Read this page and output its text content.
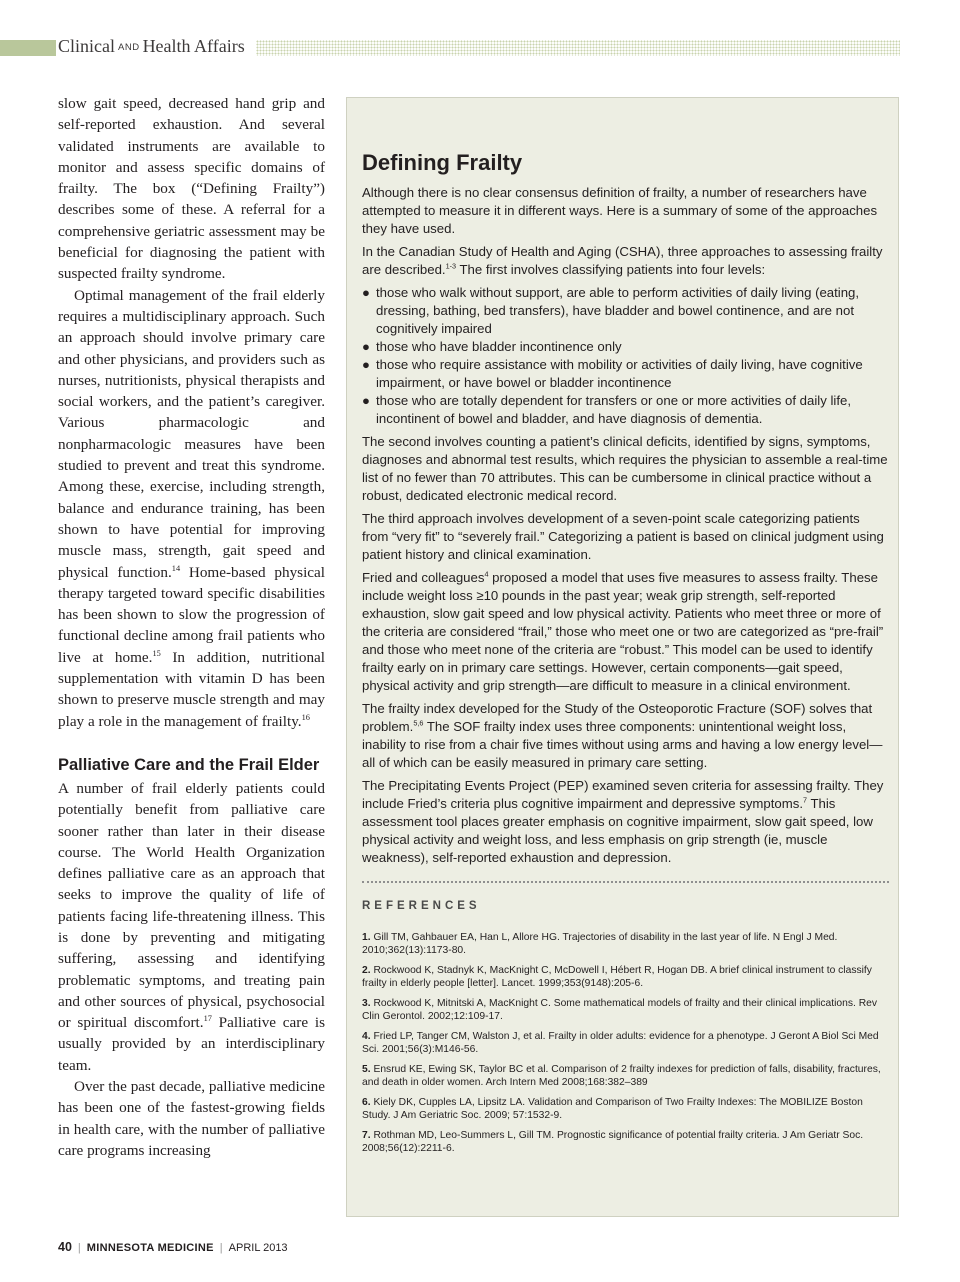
Clinical AND Health Affairs

slow gait speed, decreased hand grip and self-reported exhaustion. And several validated instruments are available to monitor and assess specific domains of frailty. The box (“Defining Frailty”) describes some of these. A referral for a comprehensive geriatric assessment may be beneficial for diagnosing the patient with suspected frailty syndrome.

Optimal management of the frail elderly requires a multidisciplinary approach. Such an approach should involve primary care and other physicians, and providers such as nurses, nutritionists, physical therapists and social workers, and the patient’s caregiver. Various pharmacologic and nonpharmacologic measures have been studied to prevent and treat this syndrome. Among these, exercise, including strength, balance and endurance training, has been shown to have potential for improving muscle mass, strength, gait speed and physical function.$^{14}$ Home-based physical therapy targeted toward specific disabilities has been shown to slow the progression of functional decline among frail patients who live at home.$^{15}$ In addition, nutritional supplementation with vitamin D has been shown to preserve muscle strength and may play a role in the management of frailty.$^{16}$

Palliative Care and the Frail Elder

A number of frail elderly patients could potentially benefit from palliative care sooner rather than later in their disease course. The World Health Organization defines palliative care as an approach that seeks to improve the quality of life of patients facing life-threatening illness. This is done by preventing and mitigating suffering, assessing and identifying problematic symptoms, and treating pain and other sources of physical, psychosocial or spiritual discomfort.$^{17}$ Palliative care is usually provided by an interdisciplinary team.

Over the past decade, palliative medicine has been one of the fastest-growing fields in health care, with the number of palliative care programs increasing

Defining Frailty

Although there is no clear consensus definition of frailty, a number of researchers have attempted to measure it in different ways. Here is a summary of some of the approaches they have used.

In the Canadian Study of Health and Aging (CSHA), three approaches to assessing frailty are described.$^{1-3}$ The first involves classifying patients into four levels:

● those who walk without support, are able to perform activities of daily living (eating, dressing, bathing, bed transfers), have bladder and bowel continence, and are not cognitively impaired
● those who have bladder incontinence only
● those who require assistance with mobility or activities of daily living, have cognitive impairment, or have bowel or bladder incontinence
● those who are totally dependent for transfers or one or more activities of daily life, incontinent of bowel and bladder, and have diagnosis of dementia.

The second involves counting a patient’s clinical deficits, identified by signs, symptoms, diagnoses and abnormal test results, which requires the physician to assemble a real-time list of no fewer than 70 attributes. This can be cumbersome in clinical practice without a robust, dedicated electronic medical record.

The third approach involves development of a seven-point scale categorizing patients from “very fit” to “severely frail.” Categorizing a patient is based on clinical judgment using patient history and clinical examination.

Fried and colleagues$^4$ proposed a model that uses five measures to assess frailty. These include weight loss ≥10 pounds in the past year; weak grip strength, self-reported exhaustion, slow gait speed and low physical activity. Patients who meet three or more of the criteria are considered “frail,” those who meet one or two are categorized as “pre-frail” and those who meet none of the criteria are “robust.” This model can be used to identify frailty early on in primary care settings. However, certain components—gait speed, physical activity and grip strength—are difficult to measure in a clinical environment.

The frailty index developed for the Study of the Osteoporotic Fracture (SOF) solves that problem.$^{5,6}$ The SOF frailty index uses three components: unintentional weight loss, inability to rise from a chair five times without using arms and having a low energy level—all of which can be easily measured in primary care setting.

The Precipitating Events Project (PEP) examined seven criteria for assessing frailty. They include Fried’s criteria plus cognitive impairment and depressive symptoms.$^7$ This assessment tool places greater emphasis on cognitive impairment, slow gait speed, low physical activity and weight loss, and less emphasis on grip strength (ie, muscle weakness), self-reported exhaustion and depression.

REFERENCES
1. Gill TM, Gahbauer EA, Han L, Allore HG. Trajectories of disability in the last year of life. N Engl J Med. 2010;362(13):1173-80.
2. Rockwood K, Stadnyk K, MacKnight C, McDowell I, Hébert R, Hogan DB. A brief clinical instrument to classify frailty in elderly people [letter]. Lancet. 1999;353(9148):205-6.
3. Rockwood K, Mitnitski A, MacKnight C. Some mathematical models of frailty and their clinical implications. Rev Clin Gerontol. 2002;12:109-17.
4. Fried LP, Tanger CM, Walston J, et al. Frailty in older adults: evidence for a phenotype. J Geront A Biol Sci Med Sci. 2001;56(3):M146-56.
5. Ensrud KE, Ewing SK, Taylor BC et al. Comparison of 2 frailty indexes for prediction of falls, disability, fractures, and death in older women. Arch Intern Med 2008;168:382–389
6. Kiely DK, Cupples LA, Lipsitz LA. Validation and Comparison of Two Frailty Indexes: The MOBILIZE Boston Study. J Am Geriatric Soc. 2009; 57:1532-9.
7. Rothman MD, Leo-Summers L, Gill TM. Prognostic significance of potential frailty criteria. J Am Geriatr Soc. 2008;56(12):2211-6.
40 | MINNESOTA MEDICINE | APRIL 2013
